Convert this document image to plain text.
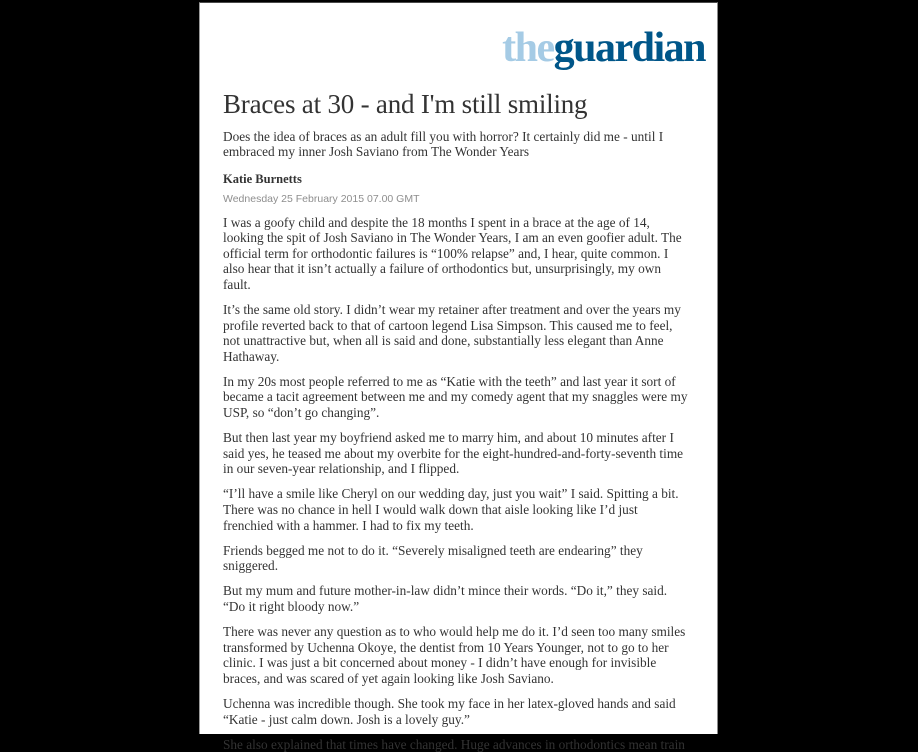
theguardian
Braces at 30 - and I'm still smiling

Does the idea of braces as an adult fill you with horror? It certainly did me - until I embraced my inner Josh Saviano from The Wonder Years

Katie Burnetts

Wednesday 25 February 2015 07.00 GMT

I was a goofy child and despite the 18 months I spent in a brace at the age of 14, looking the spit of Josh Saviano in The Wonder Years, I am an even goofier adult. The official term for orthodontic failures is “100% relapse” and, I hear, quite common. I also hear that it isn’t actually a failure of orthodontics but, unsurprisingly, my own fault.

It’s the same old story. I didn’t wear my retainer after treatment and over the years my profile reverted back to that of cartoon legend Lisa Simpson. This caused me to feel, not unattractive but, when all is said and done, substantially less elegant than Anne Hathaway.

In my 20s most people referred to me as “Katie with the teeth” and last year it sort of became a tacit agreement between me and my comedy agent that my snaggles were my USP, so “don’t go changing”.

But then last year my boyfriend asked me to marry him, and about 10 minutes after I said yes, he teased me about my overbite for the eight-hundred-and-forty-seventh time in our seven-year relationship, and I flipped.

“I’ll have a smile like Cheryl on our wedding day, just you wait” I said. Spitting a bit. There was no chance in hell I would walk down that aisle looking like I’d just frenchied with a hammer. I had to fix my teeth.

Friends begged me not to do it. “Severely misaligned teeth are endearing” they sniggered.

But my mum and future mother-in-law didn’t mince their words. “Do it,” they said. “Do it right bloody now.”

There was never any question as to who would help me do it. I’d seen too many smiles transformed by Uchenna Okoye, the dentist from 10 Years Younger, not to go to her clinic. I was just a bit concerned about money - I didn’t have enough for invisible braces, and was scared of yet again looking like Josh Saviano.

Uchenna was incredible though. She took my face in her latex-gloved hands and said “Katie - just calm down. Josh is a lovely guy.”

She also explained that times have changed. Huge advances in orthodontics mean train
